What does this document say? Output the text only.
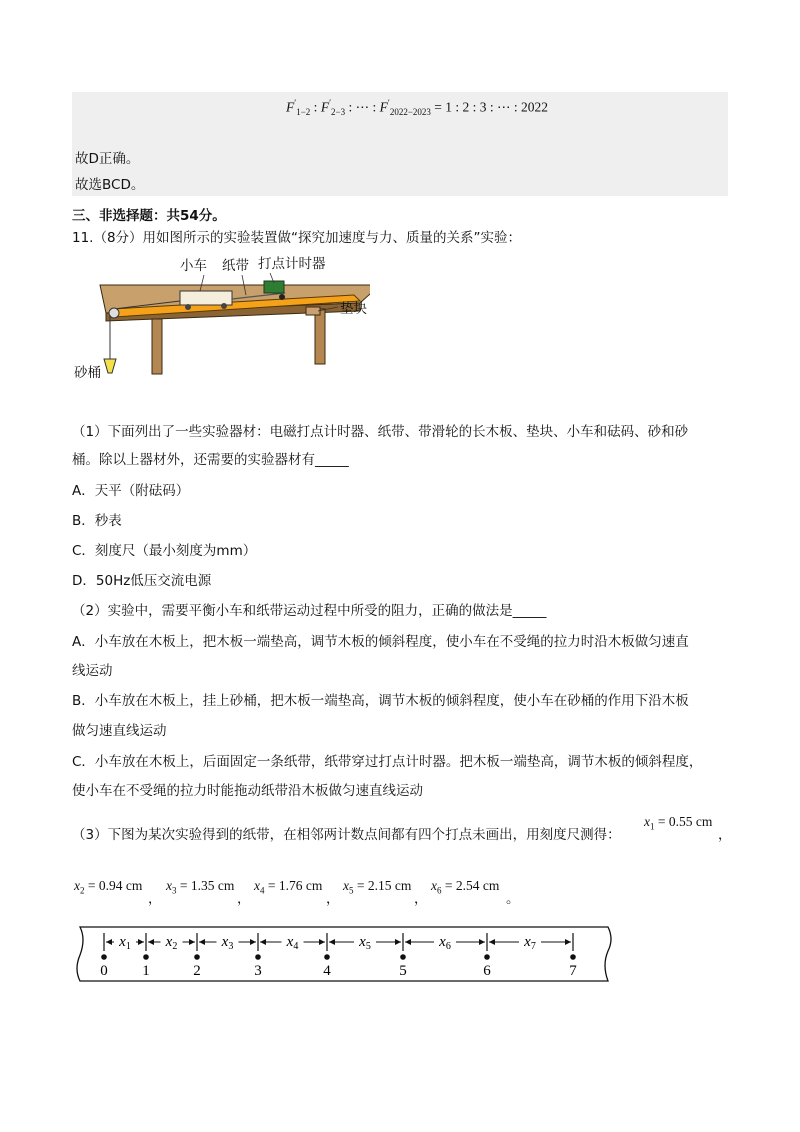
$F'_{1-2}$ : $F'_{2-3}$ : ⋯ : $F'_{2022-2023} = 1$ : 2 : 3 : ⋯ : 2022
故D正确。
故选BCD。
三、非选择题：共54分。
11.（8分）用如图所示的实验装置做“探究加速度与力、质量的关系”实验：
小车 纸带 打点计时器
垫块
砂桶
（1）下面列出了一些实验器材：电磁打点计时器、纸带、带滑轮的长木板、垫块、小车和砝码、砂和砂
桶。除以上器材外，还需要的实验器材有_____
A．天平（附砝码）
B．秒表
C．刻度尺（最小刻度为mm）
D．50Hz低压交流电源
（2）实验中，需要平衡小车和纸带运动过程中所受的阻力，正确的做法是_____
A．小车放在木板上，把木板一端垫高，调节木板的倾斜程度，使小车在不受绳的拉力时沿木板做匀速直
线运动
B．小车放在木板上，挂上砂桶，把木板一端垫高，调节木板的倾斜程度，使小车在砂桶的作用下沿木板
做匀速直线运动
C．小车放在木板上，后面固定一条纸带，纸带穿过打点计时器。把木板一端垫高，调节木板的倾斜程度，
使小车在不受绳的拉力时能拖动纸带沿木板做匀速直线运动
（3）下图为某次实验得到的纸带，在相邻两计数点间都有四个打点未画出，用刻度尺测得：
$x_1 = 0.55$ cm
，
$x_2 = 0.94$ cm
，
$x_3 = 1.35$ cm
，
$x_4 = 1.76$ cm
，
$x_5 = 2.15$ cm
，
$x_6 = 2.54$ cm
。
0 1	2	3	4	5	6	7
$x_1$ $x_2$	$x_3$	$x_4$	$x_5$	$x_6$	$x_7$
